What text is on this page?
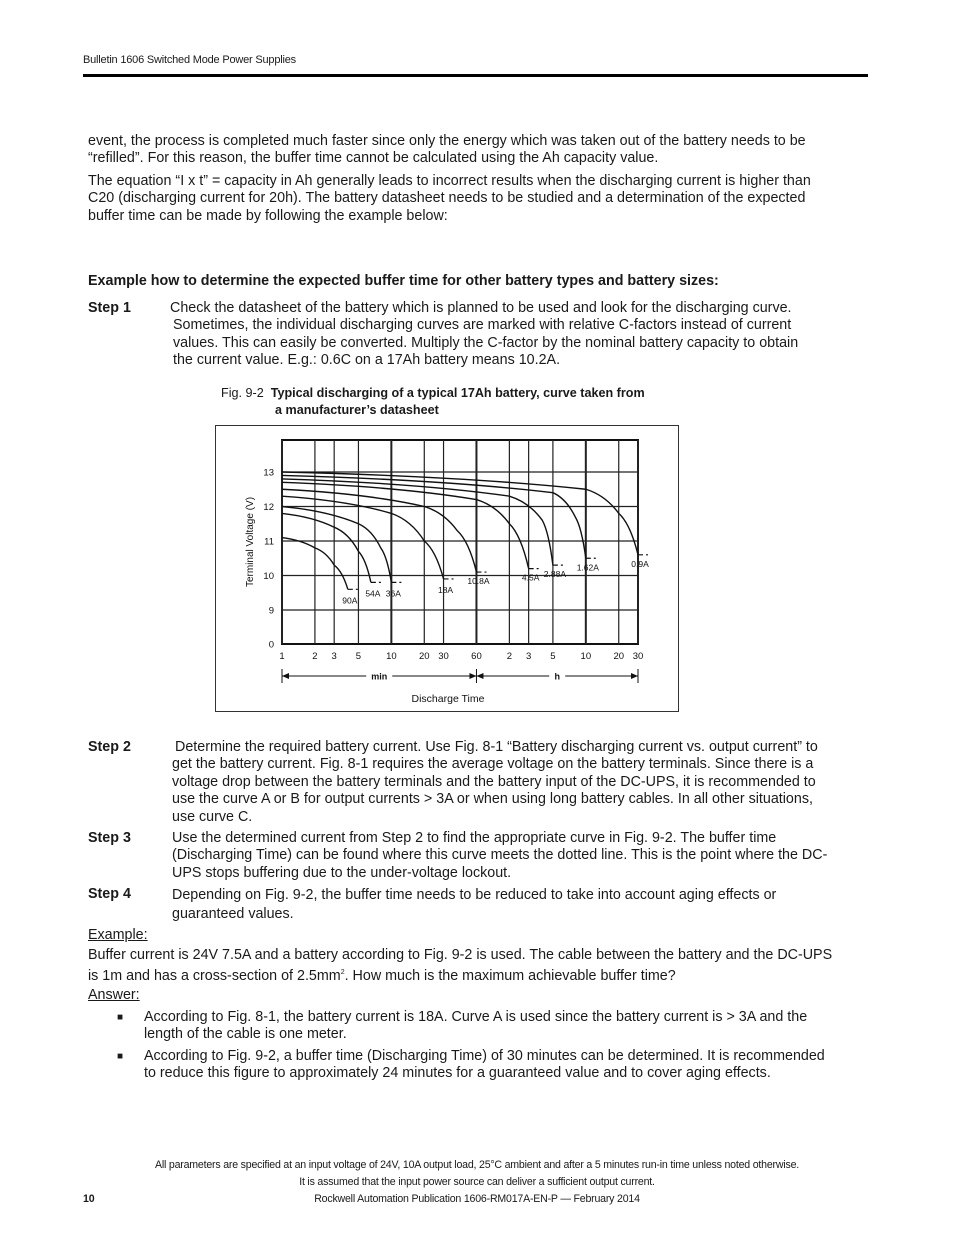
Bulletin 1606 Switched Mode Power Supplies
event, the process is completed much faster since only the energy which was taken out of the battery needs to be
“refilled”. For this reason, the buffer time cannot be calculated using the Ah capacity value.
The equation “I x t” = capacity in Ah generally leads to incorrect results when the discharging current is higher than
C20 (discharging current for 20h). The battery datasheet needs to be studied and a determination of the expected
buffer time can be made by following the example below:
Example how to determine the expected buffer time for other battery types and battery sizes:
Step 1	Check the datasheet of the battery which is planned to be used and look for the discharging curve.
Sometimes, the individual discharging curves are marked with relative C-factors instead of current
values. This can easily be converted. Multiply the C-factor by the nominal battery capacity to obtain
the current value. E.g.: 0.6C on a 17Ah battery means 10.2A.
Fig. 9-2 Typical discharging of a typical 17Ah battery, curve taken from
a manufacturer’s datasheet
90A
54A 36A	18A
10.8A	4.5A 2.88A
1.62A	0.9A
1	2 3 5	10 20 30 60	2 3 5	10 20 30
0
9
10
11
12
13
Terminal Voltage (V)
Discharge Time
min	h
Step 2	Determine the required battery current. Use Fig. 8-1 “Battery discharging current vs. output current” to
get the battery current. Fig. 8-1 requires the average voltage on the battery terminals. Since there is a
voltage drop between the battery terminals and the battery input of the DC-UPS, it is recommended to
use the curve A or B for output currents > 3A or when using long battery cables. In all other situations,
use curve C.
Step 3	Use the determined current from Step 2 to find the appropriate curve in Fig. 9-2. The buffer time
(Discharging Time) can be found where this curve meets the dotted line. This is the point where the DC-
UPS stops buffering due to the under-voltage lockout.
Step 4	Depending on Fig. 9-2, the buffer time needs to be reduced to take into account aging effects or
guaranteed values.
Example:
Buffer current is 24V 7.5A and a battery according to Fig. 9-2 is used. The cable between the battery and the DC-UPS
is 1m and has a cross-section of $2.5mm^2$. How much is the maximum achievable buffer time?
Answer:
■ According to Fig. 8-1, the battery current is 18A. Curve A is used since the battery current is > 3A and the
length of the cable is one meter.
■ According to Fig. 9-2, a buffer time (Discharging Time) of 30 minutes can be determined. It is recommended
to reduce this figure to approximately 24 minutes for a guaranteed value and to cover aging effects.
All parameters are specified at an input voltage of 24V, 10A output load, 25°C ambient and after a 5 minutes run-in time unless noted otherwise.
It is assumed that the input power source can deliver a sufficient output current.
10	Rockwell Automation Publication 1606-RM017A-EN-P — February 2014
